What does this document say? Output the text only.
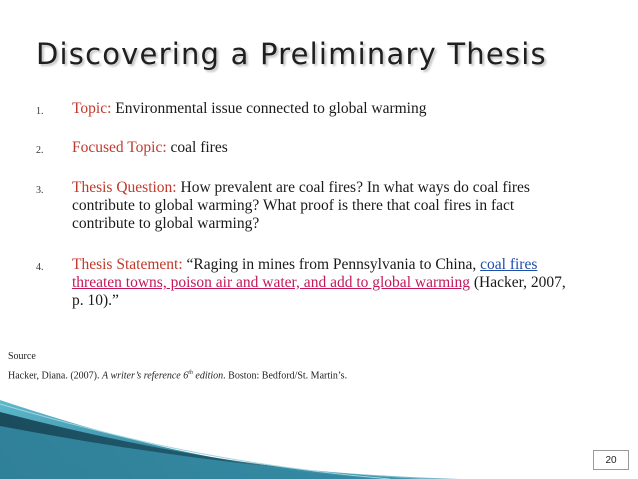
Discovering a Preliminary Thesis
1. Topic: Environmental issue connected to global warming
2. Focused Topic: coal fires
3. Thesis Question: How prevalent are coal fires? In what ways do coal fires contribute to global warming? What proof is there that coal fires in fact contribute to global warming?
4. Thesis Statement: “Raging in mines from Pennsylvania to China, coal fires threaten towns, poison air and water, and add to global warming (Hacker, 2007, p. 10).”
Source
Hacker, Diana. (2007). A writer’s reference 6th edition. Boston: Bedford/St. Martin’s.
20
